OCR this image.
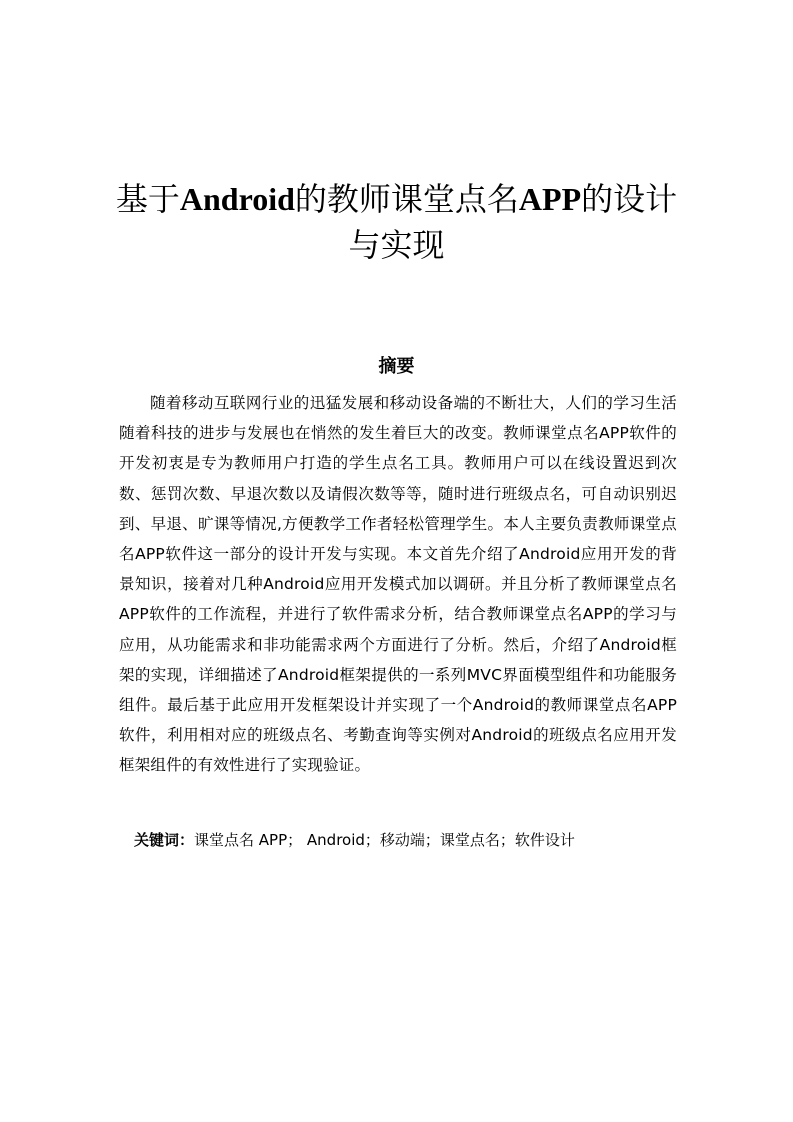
基于Android的教师课堂点名APP的设计与实现
摘要

随着移动互联网行业的迅猛发展和移动设备端的不断壮大，人们的学习生活随着科技的进步与发展也在悄然的发生着巨大的改变。教师课堂点名APP软件的开发初衷是专为教师用户打造的学生点名工具。教师用户可以在线设置迟到次数、惩罚次数、早退次数以及请假次数等等，随时进行班级点名，可自动识别迟到、早退、旷课等情况,方便教学工作者轻松管理学生。本人主要负责教师课堂点名APP软件这一部分的设计开发与实现。本文首先介绍了Android应用开发的背景知识，接着对几种Android应用开发模式加以调研。并且分析了教师课堂点名APP软件的工作流程，并进行了软件需求分析，结合教师课堂点名APP的学习与应用，从功能需求和非功能需求两个方面进行了分析。然后，介绍了Android框架的实现，详细描述了Android框架提供的一系列MVC界面模型组件和功能服务组件。最后基于此应用开发框架设计并实现了一个Android的教师课堂点名APP软件，利用相对应的班级点名、考勤查询等实例对Android的班级点名应用开发框架组件的有效性进行了实现验证。

关键词：课堂点名 APP； Android；移动端；课堂点名；软件设计
